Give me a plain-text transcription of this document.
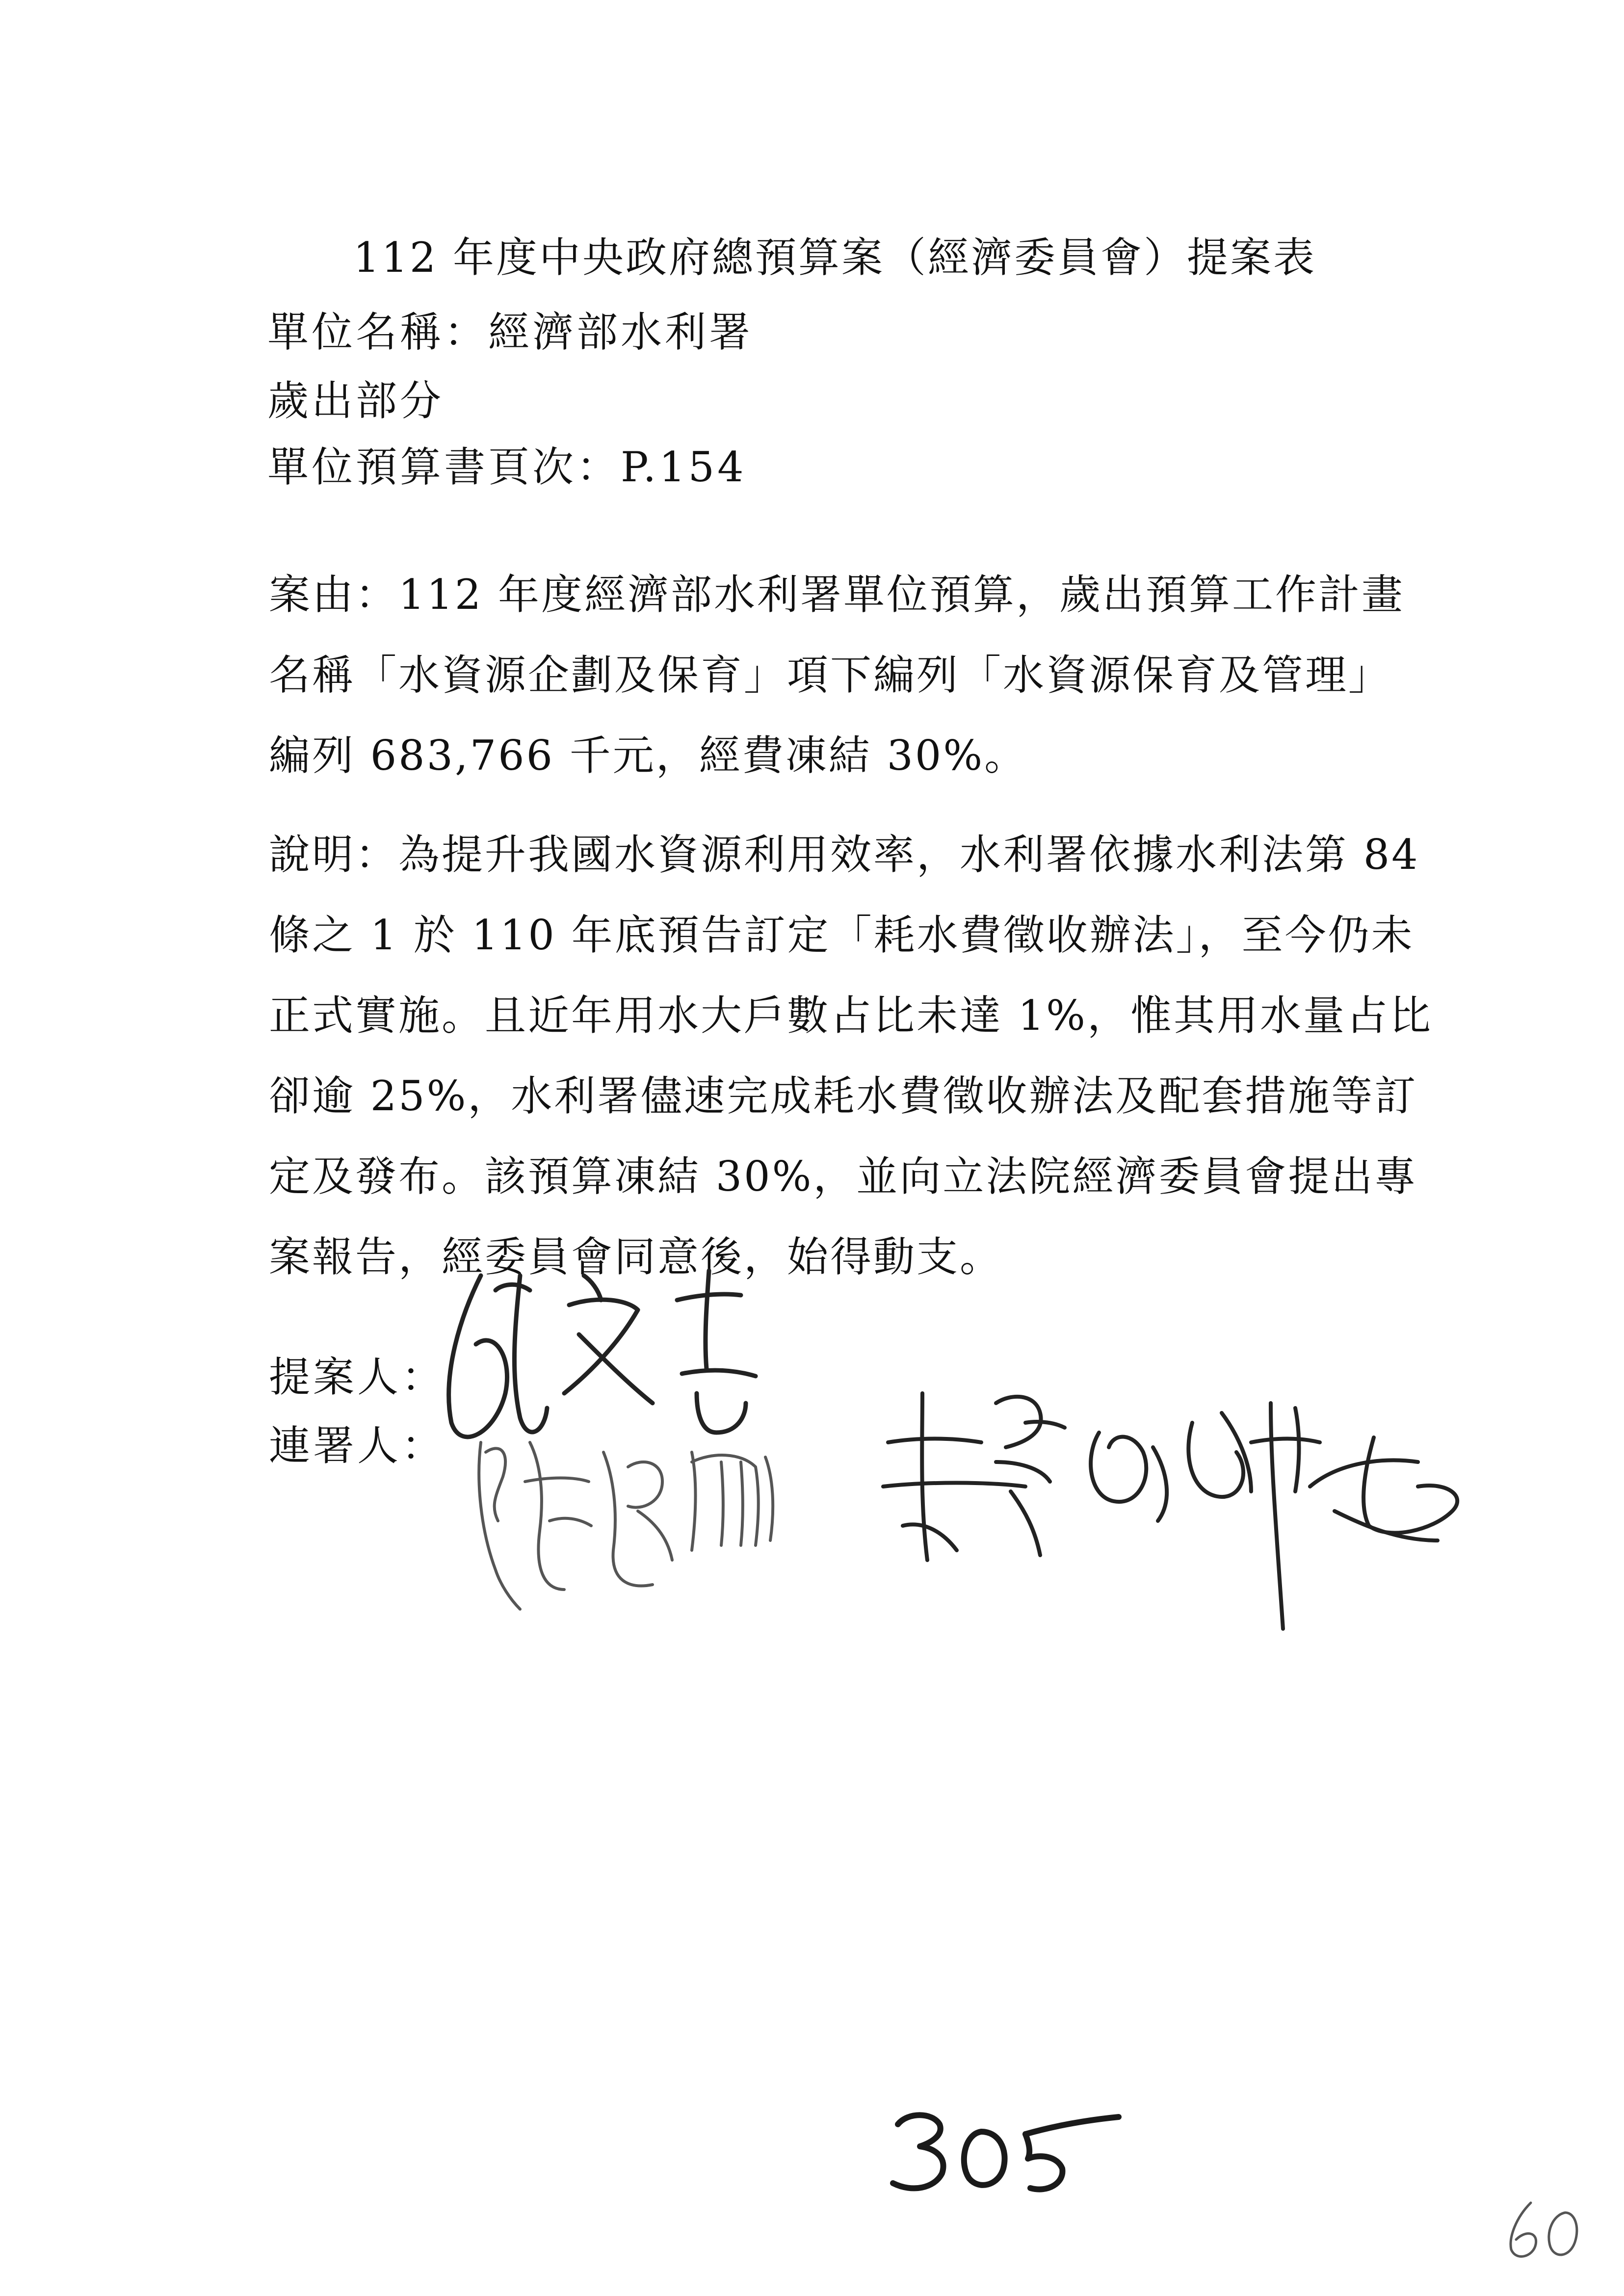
112 年度中央政府總預算案（經濟委員會）提案表
單位名稱：經濟部水利署
歲出部分
單位預算書頁次：P.154
案由：112 年度經濟部水利署單位預算，歲出預算工作計畫
名稱「水資源企劃及保育」項下編列「水資源保育及管理」
編列 683,766 千元，經費凍結 30%。
說明：為提升我國水資源利用效率，水利署依據水利法第 84
條之 1 於 110 年底預告訂定「耗水費徵收辦法」，至今仍未
正式實施。且近年用水大戶數占比未達 1%，惟其用水量占比
卻逾 25%，水利署儘速完成耗水費徵收辦法及配套措施等訂
定及發布。該預算凍結 30%，並向立法院經濟委員會提出專
案報告，經委員會同意後，始得動支。
提案人：
連署人：
305
60
